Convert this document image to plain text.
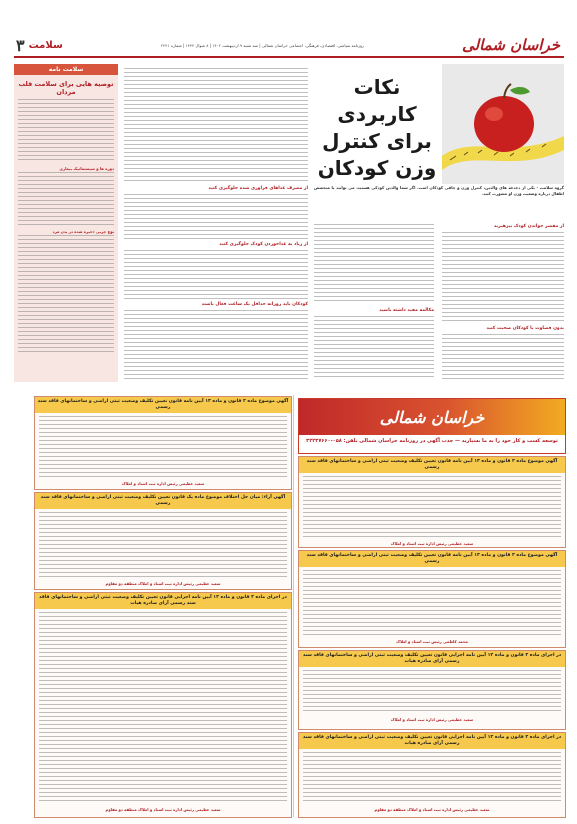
خراسان شمالی
روزنامه سیاسی، اقتصادی، فرهنگی، اجتماعی خراسان شمالی | سه شنبه ۹ اردیبهشت ۱۴۰۲ | ۸ شوال ۱۴۴۴ | شماره ۲۲۴۱
سلامت
۳
سلامت نامه
توصیه هایی برای سلامت قلب مردان
دوره ها و سیستماتیک بیماری
نوع چربی ذخیره شده در بدن مرد
نکات کاربردی
برای کنترل
وزن کودکان
از مصرف غذاهای فراوری شده جلوگیری کنید
از زیاد به غذاخوردن کودک جلوگیری کنید
کودکان باید روزانه حداقل یک ساعت فعال باشند
گروه سلامت - یکی از دغدغه های والدین، کنترل وزن و چاقی کودکان است. اگر شما والدین کودکی هستید، می توانید با متخصص اطفال درباره وضعیت وزن او مشورت کنید.
مکالمه مفید داشته باشید
از مقصر خواندن کودک بپرهیزید
بدون قضاوت با کودکان صحبت کنید
خراسان شمالی
توسعه کسب و کار خود را به ما بسپارید — جذب آگهی در روزنامه خراسان شمالی تلفن: ۰۵۸-۳۲۲۳۷۶۶۰
آگهی موضوع ماده ۳ قانون و ماده ۱۳ آیین نامه قانون تعیین تکلیف وضعیت ثبتی اراضی و ساختمانهای فاقد سند رسمی
سعید عظیمی رئیس اداره ثبت اسناد و املاک
آگهی آراء: میان حل اختلاف موضوع ماده یک قانون تعیین تکلیف وضعیت ثبتی اراضی و ساختمانهای فاقد سند رسمی
سعید عظیمی رئیس اداره ثبت اسناد و املاک منطقه دو مقاوم
در اجرای ماده ۳ قانون و ماده ۱۳ آیین نامه اجرایی قانون تعیین تکلیف وضعیت ثبتی اراضی و ساختمانهای فاقد سند رسمی آرای صادره هیات
سعید عظیمی رئیس اداره ثبت اسناد و املاک منطقه دو مقاوم
آگهی موضوع ماده ۳ قانون و ماده ۱۳ آیین نامه قانون تعیین تکلیف وضعیت ثبتی اراضی و ساختمانهای فاقد سند رسمی
سعید عظیمی رئیس اداره ثبت اسناد و املاک
آگهی موضوع ماده ۳ قانون و ماده ۱۳ آیین نامه قانون تعیین تکلیف وضعیت ثبتی اراضی و ساختمانهای فاقد سند رسمی
محمد کاظمی رئیس ثبت اسناد و املاک
در اجرای ماده ۳ قانون و ماده ۱۳ آیین نامه اجرایی قانون تعیین تکلیف وضعیت ثبتی اراضی و ساختمانهای فاقد سند رسمی آرای صادره هیات
سعید عظیمی رئیس اداره ثبت اسناد و املاک
در اجرای ماده ۳ قانون و ماده ۱۳ آیین نامه اجرایی قانون تعیین تکلیف وضعیت ثبتی اراضی و ساختمانهای فاقد سند رسمی آرای صادره هیات
سعید عظیمی رئیس اداره ثبت اسناد و املاک منطقه دو مقاوم
